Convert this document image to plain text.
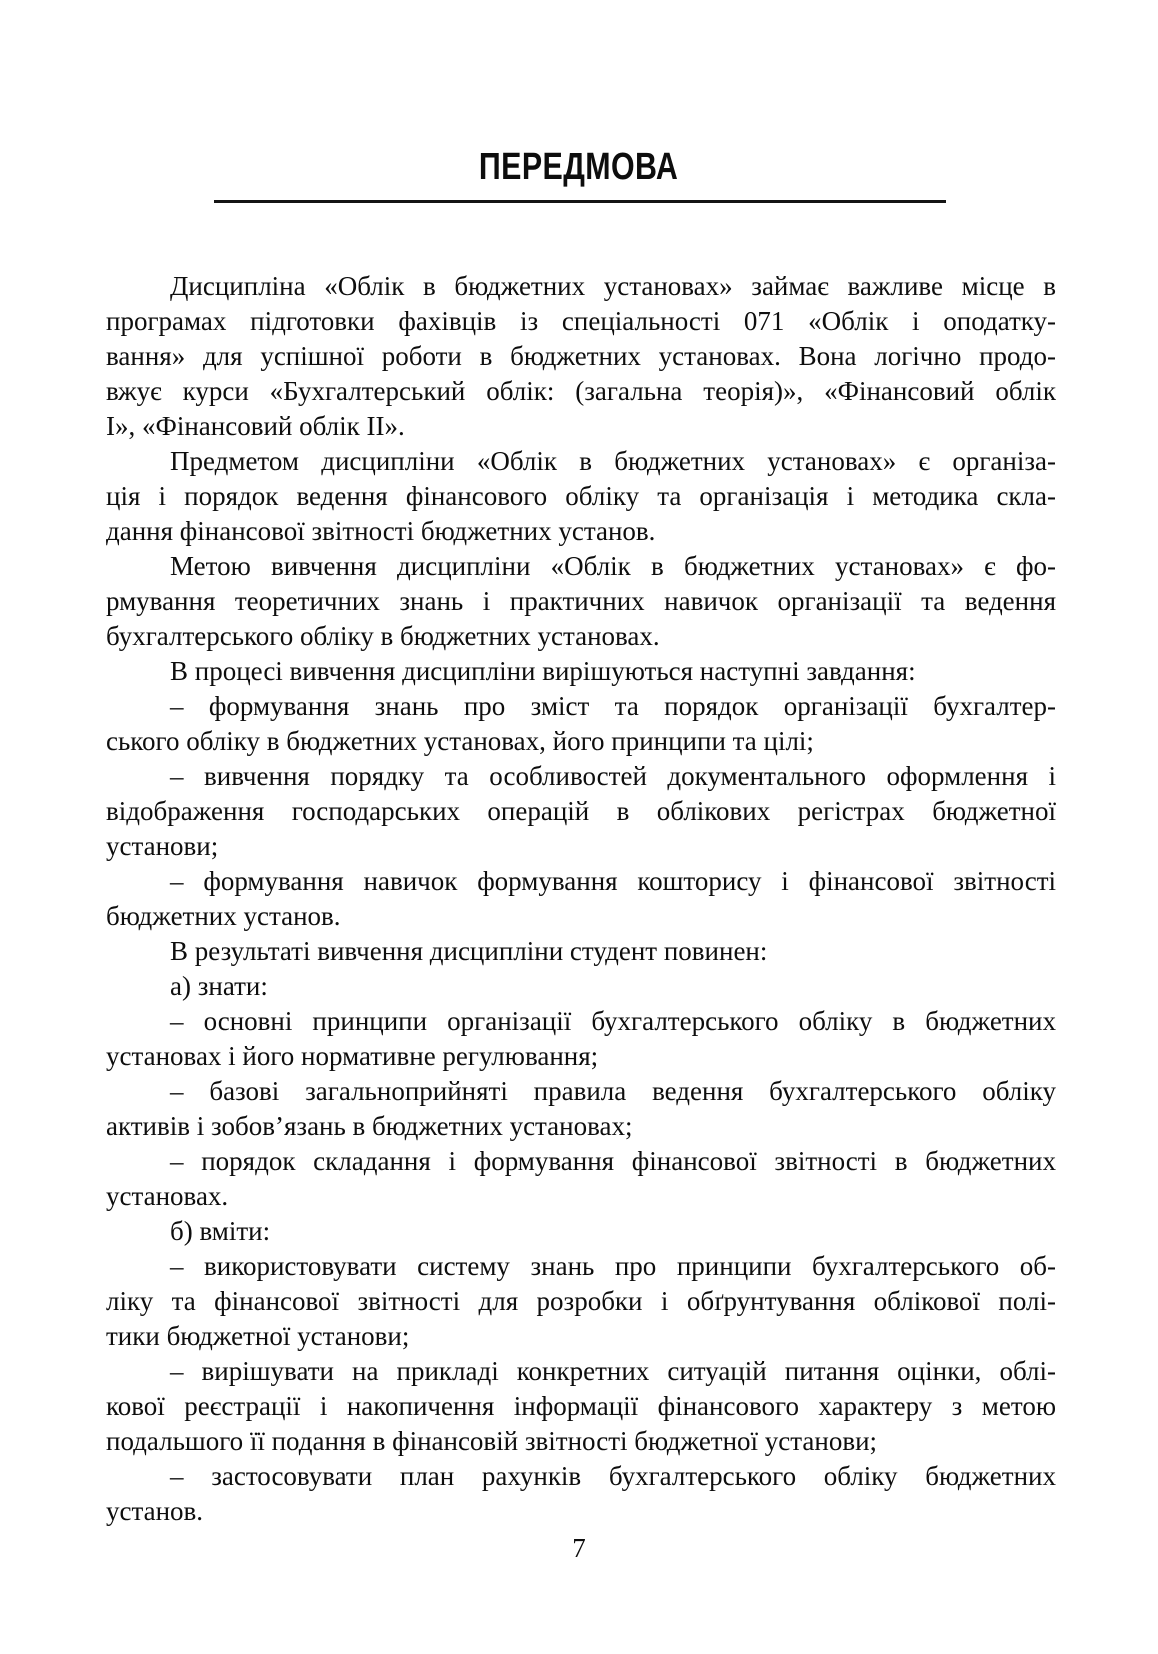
ПЕРЕДМОВА
Дисципліна «Облік в бюджетних установах» займає важливе місце в
програмах підготовки фахівців із спеціальності 071 «Облік і оподатку-
вання» для успішної роботи в бюджетних установах. Вона логічно продо-
вжує курси «Бухгалтерський облік: (загальна теорія)», «Фінансовий облік
І», «Фінансовий облік ІІ».
Предметом дисципліни «Облік в бюджетних установах» є організа-
ція і порядок ведення фінансового обліку та організація і методика скла-
дання фінансової звітності бюджетних установ.
Метою вивчення дисципліни «Облік в бюджетних установах» є фо-
рмування теоретичних знань і практичних навичок організації та ведення
бухгалтерського обліку в бюджетних установах.
В процесі вивчення дисципліни вирішуються наступні завдання:
– формування знань про зміст та порядок організації бухгалтер-
ського обліку в бюджетних установах, його принципи та цілі;
– вивчення порядку та особливостей документального оформлення і
відображення господарських операцій в облікових регістрах бюджетної
установи;
– формування навичок формування кошторису і фінансової звітності
бюджетних установ.
В результаті вивчення дисципліни студент повинен:
а) знати:
– основні принципи організації бухгалтерського обліку в бюджетних
установах і його нормативне регулювання;
– базові загальноприйняті правила ведення бухгалтерського обліку
активів і зобов’язань в бюджетних установах;
– порядок складання і формування фінансової звітності в бюджетних
установах.
б) вміти:
– використовувати систему знань про принципи бухгалтерського об-
ліку та фінансової звітності для розробки і обґрунтування облікової полі-
тики бюджетної установи;
– вирішувати на прикладі конкретних ситуацій питання оцінки, облі-
кової реєстрації і накопичення інформації фінансового характеру з метою
подальшого її подання в фінансовій звітності бюджетної установи;
– застосовувати план рахунків бухгалтерського обліку бюджетних
установ.
7
